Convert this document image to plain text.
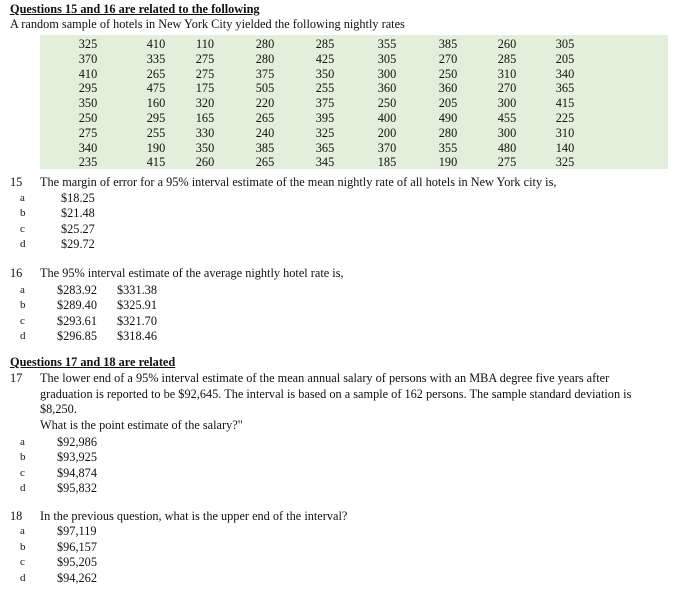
Questions 15 and 16 are related to the following
A random sample of hotels in New York City yielded the following nightly rates
325	410	110	280	285	355	385	260	305
370	335	275	280	425	305	270	285	205
410	265	275	375	350	300	250	310	340
295	475	175	505	255	360	360	270	365
350	160	320	220	375	250	205	300	415
250	295	165	265	395	400	490	455	225
275	255	330	240	325	200	280	300	310
340	190	350	385	365	370	355	480	140
235	415	260	265	345	185	190	275	325
15 The margin of error for a 95% interval estimate of the mean nightly rate of all hotels in New York city is,
a	$18.25
b	$21.48
c	$25.27
d	$29.72
16 The 95% interval estimate of the average nightly hotel rate is,
a	$283.92 $331.38
b	$289.40 $325.91
c	$293.61 $321.70
d	$296.85 $318.46
Questions 17 and 18 are related
17 The lower end of a 95% interval estimate of the mean annual salary of persons with an MBA degree five years after
graduation is reported to be $92,645. The interval is based on a sample of 162 persons. The sample standard deviation is
$8,250.
What is the point estimate of the salary?"
a	$92,986
b	$93,925
c	$94,874
d	$95,832
18 In the previous question, what is the upper end of the interval?
a	$97,119
b	$96,157
c	$95,205
d	$94,262
